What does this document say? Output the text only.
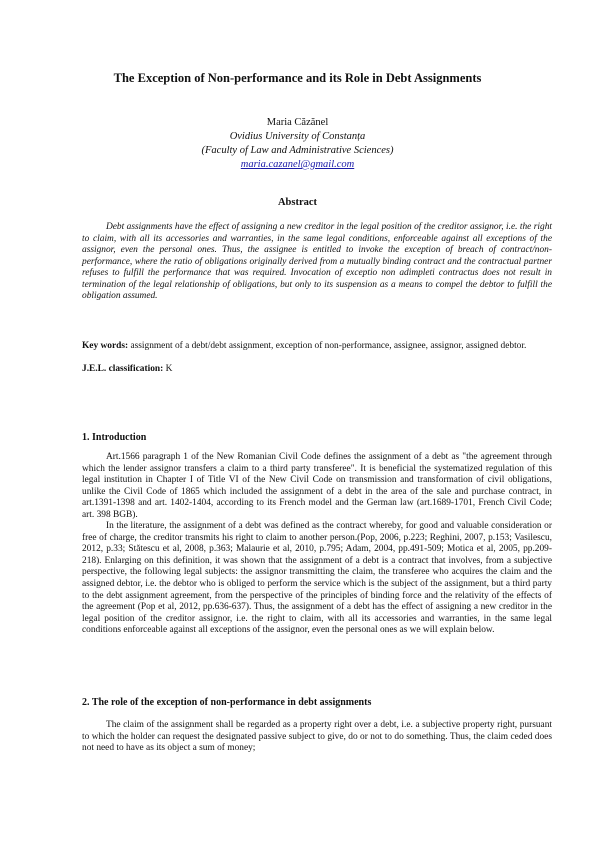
The Exception of Non-performance and its Role in Debt Assignments
Maria Căzănel
Ovidius University of Constanța
(Faculty of Law and Administrative Sciences)
maria.cazanel@gmail.com
Abstract

Debt assignments have the effect of assigning a new creditor in the legal position of the creditor assignor, i.e. the right to claim, with all its accessories and warranties, in the same legal conditions, enforceable against all exceptions of the assignor, even the personal ones. Thus, the assignee is entitled to invoke the exception of breach of contract/non-performance, where the ratio of obligations originally derived from a mutually binding contract and the contractual partner refuses to fulfill the performance that was required. Invocation of exceptio non adimpleti contractus does not result in termination of the legal relationship of obligations, but only to its suspension as a means to compel the debtor to fulfill the obligation assumed.

Key words: assignment of a debt/debt assignment, exception of non-performance, assignee, assignor, assigned debtor.
J.E.L. classification: K
1. Introduction

Art.1566 paragraph 1 of the New Romanian Civil Code defines the assignment of a debt as "the agreement through which the lender assignor transfers a claim to a third party transferee". It is beneficial the systematized regulation of this legal institution in Chapter I of Title VI of the New Civil Code on transmission and transformation of civil obligations, unlike the Civil Code of 1865 which included the assignment of a debt in the area of the sale and purchase contract, in art.1391-1398 and art. 1402-1404, according to its French model and the German law (art.1689-1701, French Civil Code; art. 398 BGB).

In the literature, the assignment of a debt was defined as the contract whereby, for good and valuable consideration or free of charge, the creditor transmits his right to claim to another person.(Pop, 2006, p.223; Reghini, 2007, p.153; Vasilescu, 2012, p.33; Stătescu et al, 2008, p.363; Malaurie et al, 2010, p.795; Adam, 2004, pp.491-509; Motica et al, 2005, pp.209-218). Enlarging on this definition, it was shown that the assignment of a debt is a contract that involves, from a subjective perspective, the following legal subjects: the assignor transmitting the claim, the transferee who acquires the claim and the assigned debtor, i.e. the debtor who is obliged to perform the service which is the subject of the assignment, but a third party to the debt assignment agreement, from the perspective of the principles of binding force and the relativity of the effects of the agreement (Pop et al, 2012, pp.636-637). Thus, the assignment of a debt has the effect of assigning a new creditor in the legal position of the creditor assignor, i.e. the right to claim, with all its accessories and warranties, in the same legal conditions enforceable against all exceptions of the assignor, even the personal ones as we will explain below.

2. The role of the exception of non-performance in debt assignments

The claim of the assignment shall be regarded as a property right over a debt, i.e. a subjective property right, pursuant to which the holder can request the designated passive subject to give, do or not to do something. Thus, the claim ceded does not need to have as its object a sum of money;
